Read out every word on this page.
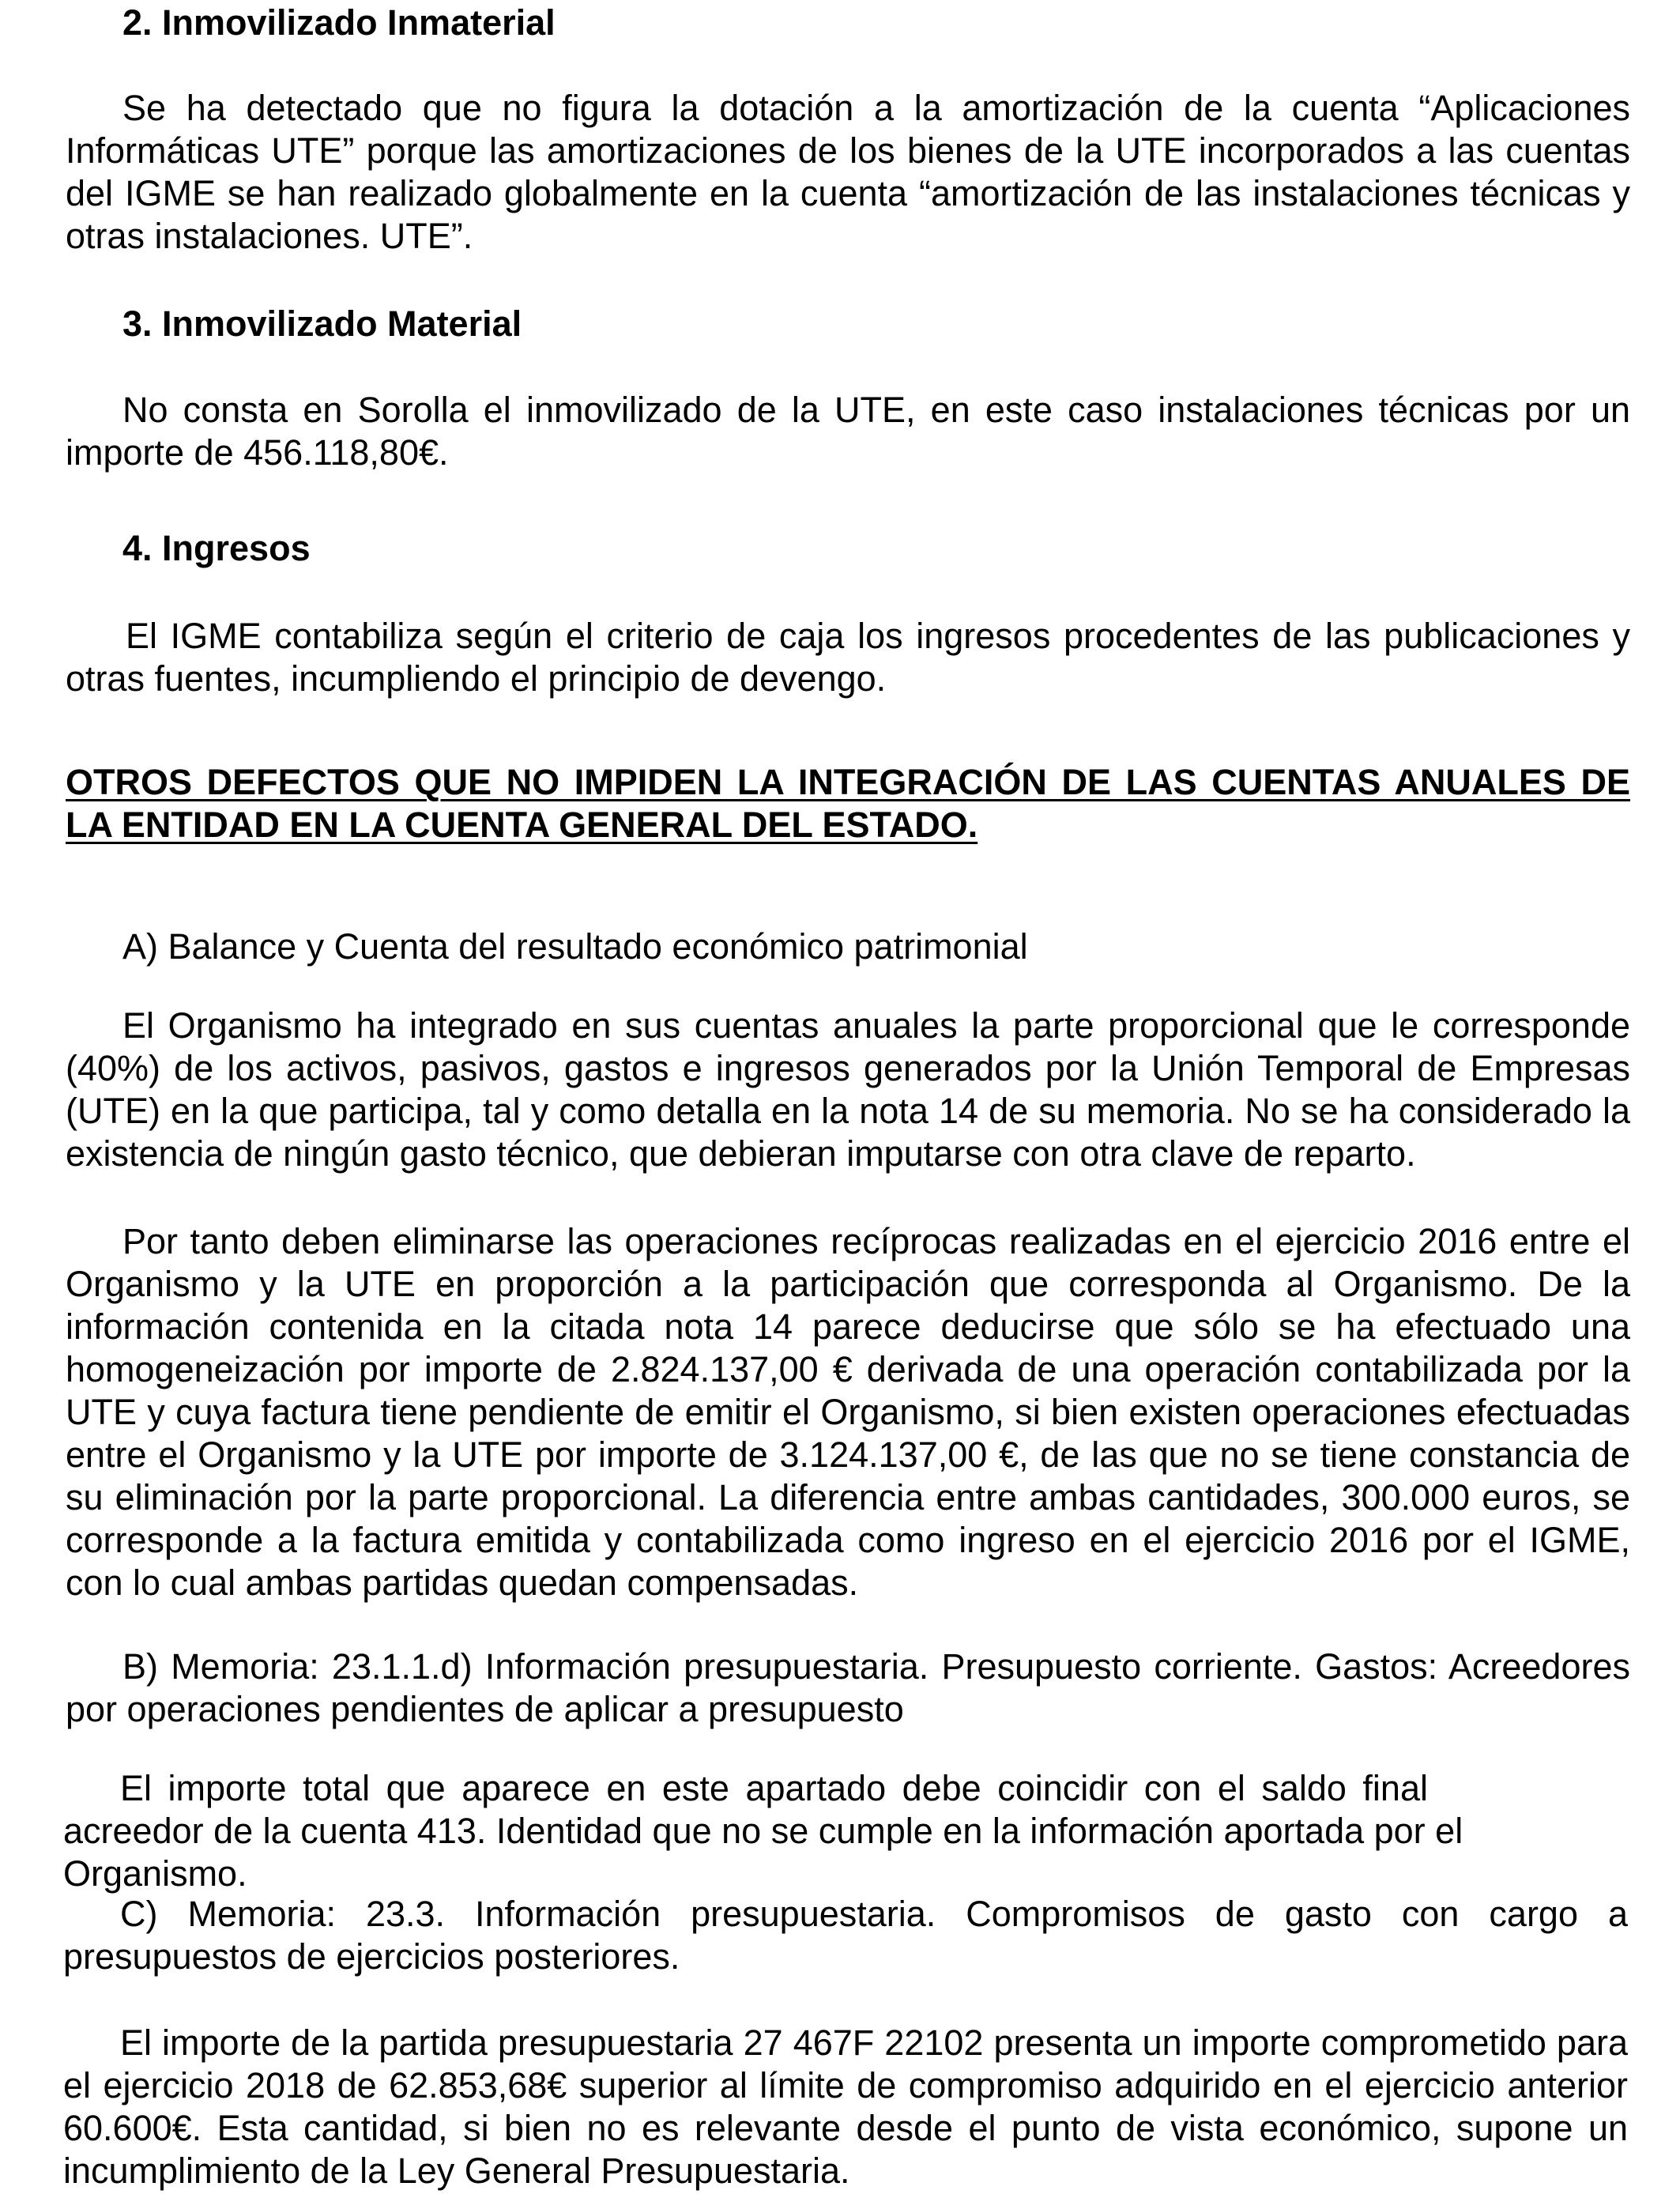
2. Inmovilizado Inmaterial

Se ha detectado que no figura la dotación a la amortización de la cuenta “Aplicaciones Informáticas UTE” porque las amortizaciones de los bienes de la UTE incorporados a las cuentas del IGME se han realizado globalmente en la cuenta “amortización de las instalaciones técnicas y otras instalaciones. UTE”.

3. Inmovilizado Material

No consta en Sorolla el inmovilizado de la UTE, en este caso instalaciones técnicas por un importe de 456.118,80€.

4. Ingresos

El IGME contabiliza según el criterio de caja los ingresos procedentes de las publicaciones y otras fuentes, incumpliendo el principio de devengo.

OTROS DEFECTOS QUE NO IMPIDEN LA INTEGRACIÓN DE LAS CUENTAS ANUALES DE LA ENTIDAD EN LA CUENTA GENERAL DEL ESTADO.

A) Balance y Cuenta del resultado económico patrimonial

El Organismo ha integrado en sus cuentas anuales la parte proporcional que le corresponde (40%) de los activos, pasivos, gastos e ingresos generados por la Unión Temporal de Empresas (UTE) en la que participa, tal y como detalla en la nota 14 de su memoria. No se ha considerado la existencia de ningún gasto técnico, que debieran imputarse con otra clave de reparto.

Por tanto deben eliminarse las operaciones recíprocas realizadas en el ejercicio 2016 entre el Organismo y la UTE en proporción a la participación que corresponda al Organismo. De la información contenida en la citada nota 14 parece deducirse que sólo se ha efectuado una homogeneización por importe de 2.824.137,00 € derivada de una operación contabilizada por la UTE y cuya factura tiene pendiente de emitir el Organismo, si bien existen operaciones efectuadas entre el Organismo y la UTE por importe de 3.124.137,00 €, de las que no se tiene constancia de su eliminación por la parte proporcional. La diferencia entre ambas cantidades, 300.000 euros, se corresponde a la factura emitida y contabilizada como ingreso en el ejercicio 2016 por el IGME, con lo cual ambas partidas quedan compensadas.

B) Memoria: 23.1.1.d) Información presupuestaria. Presupuesto corriente. Gastos: Acreedores por operaciones pendientes de aplicar a presupuesto

El importe total que aparece en este apartado debe coincidir con el saldo final

acreedor de la cuenta 413. Identidad que no se cumple en la información aportada por el Organismo.

C) Memoria: 23.3. Información presupuestaria. Compromisos de gasto con cargo a presupuestos de ejercicios posteriores.

El importe de la partida presupuestaria 27 467F 22102 presenta un importe comprometido para el ejercicio 2018 de 62.853,68€ superior al límite de compromiso adquirido en el ejercicio anterior 60.600€. Esta cantidad, si bien no es relevante desde el punto de vista económico, supone un incumplimiento de la Ley General Presupuestaria.
